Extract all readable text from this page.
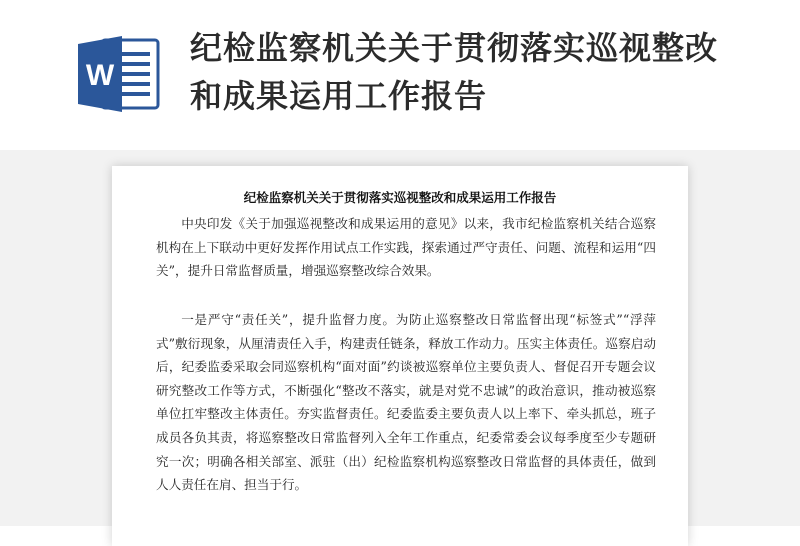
W
纪检监察机关关于贯彻落实巡视整改和成果运用工作报告
纪检监察机关关于贯彻落实巡视整改和成果运用工作报告

中央印发《关于加强巡视整改和成果运用的意见》以来，我市纪检监察机关结合巡察机构在上下联动中更好发挥作用试点工作实践，探索通过严守责任、问题、流程和运用“四关”，提升日常监督质量，增强巡察整改综合效果。

一是严守“责任关”，提升监督力度。为防止巡察整改日常监督出现“标签式”“浮萍式”敷衍现象，从厘清责任入手，构建责任链条，释放工作动力。压实主体责任。巡察启动后，纪委监委采取会同巡察机构“面对面”约谈被巡察单位主要负责人、督促召开专题会议研究整改工作等方式，不断强化“整改不落实，就是对党不忠诚”的政治意识，推动被巡察单位扛牢整改主体责任。夯实监督责任。纪委监委主要负责人以上率下、牵头抓总，班子成员各负其责，将巡察整改日常监督列入全年工作重点，纪委常委会议每季度至少专题研究一次；明确各相关部室、派驻（出）纪检监察机构巡察整改日常监督的具体责任，做到人人责任在肩、担当于行。
